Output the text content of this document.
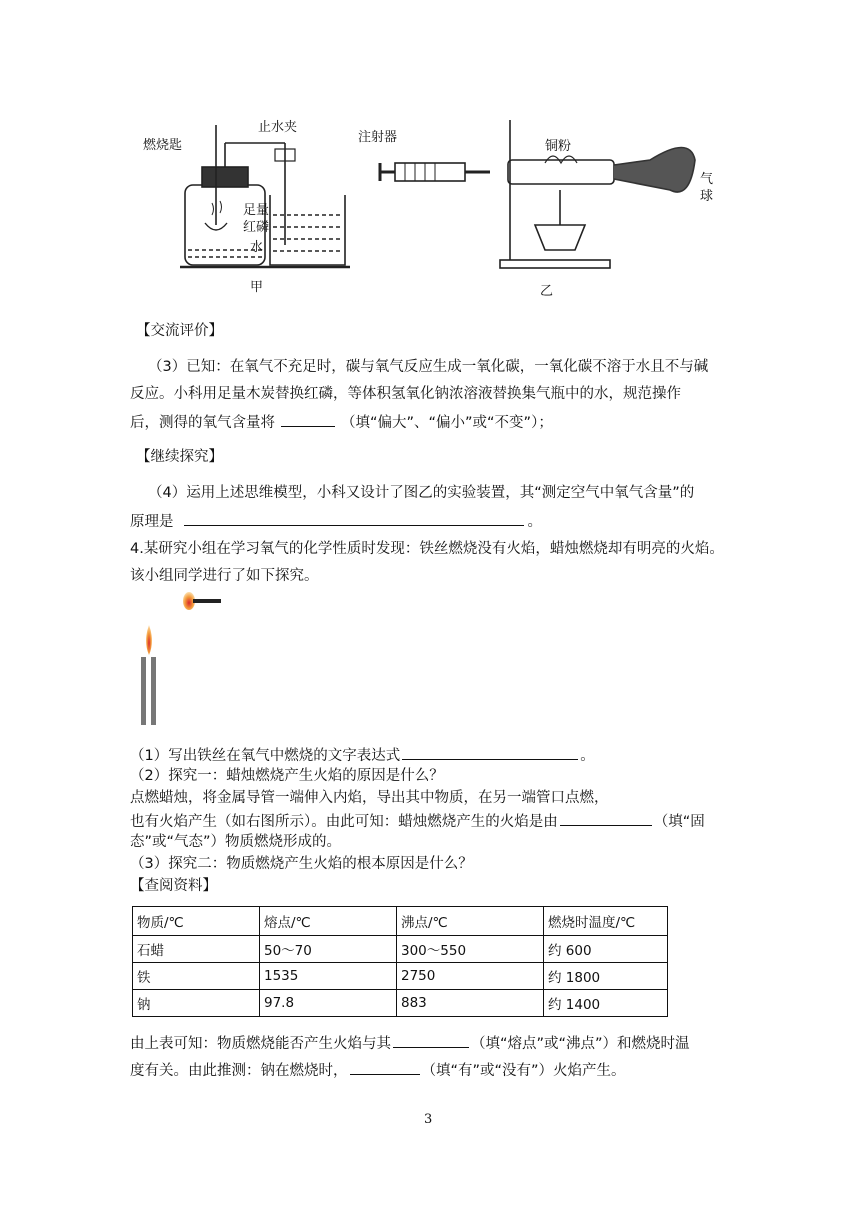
燃烧匙
止水夹
足量
红磷
水
甲
注射器
铜粉
气
球
乙
【交流评价】
（3）已知：在氧气不充足时，碳与氧气反应生成一氧化碳，一氧化碳不溶于水且不与碱
反应。小科用足量木炭替换红磷，等体积氢氧化钠浓溶液替换集气瓶中的水，规范操作
后，测得的氧气含量将	（填“偏大”、“偏小”或“不变”）；
【继续探究】
（4）运用上述思维模型，小科又设计了图乙的实验装置，其“测定空气中氧气含量”的
原理是	。
4.某研究小组在学习氧气的化学性质时发现：铁丝燃烧没有火焰，蜡烛燃烧却有明亮的火焰。
该小组同学进行了如下探究。
（1）写出铁丝在氧气中燃烧的文字表达式	。
（2）探究一：蜡烛燃烧产生火焰的原因是什么？
点燃蜡烛，将金属导管一端伸入内焰，导出其中物质，在另一端管口点燃，
也有火焰产生（如右图所示）。由此可知：蜡烛燃烧产生的火焰是由	（填“固
态”或“气态”）物质燃烧形成的。
（3）探究二：物质燃烧产生火焰的根本原因是什么？
【查阅资料】
物质/℃	熔点/℃	沸点/℃	燃烧时温度/℃
石蜡	50～70	300～550	约 600
铁	1535	2750	约 1800
钠	97.8	883	约 1400
由上表可知：物质燃烧能否产生火焰与其	（填“熔点”或“沸点”）和燃烧时温
度有关。由此推测：钠在燃烧时，	（填“有”或“没有”）火焰产生。
3
